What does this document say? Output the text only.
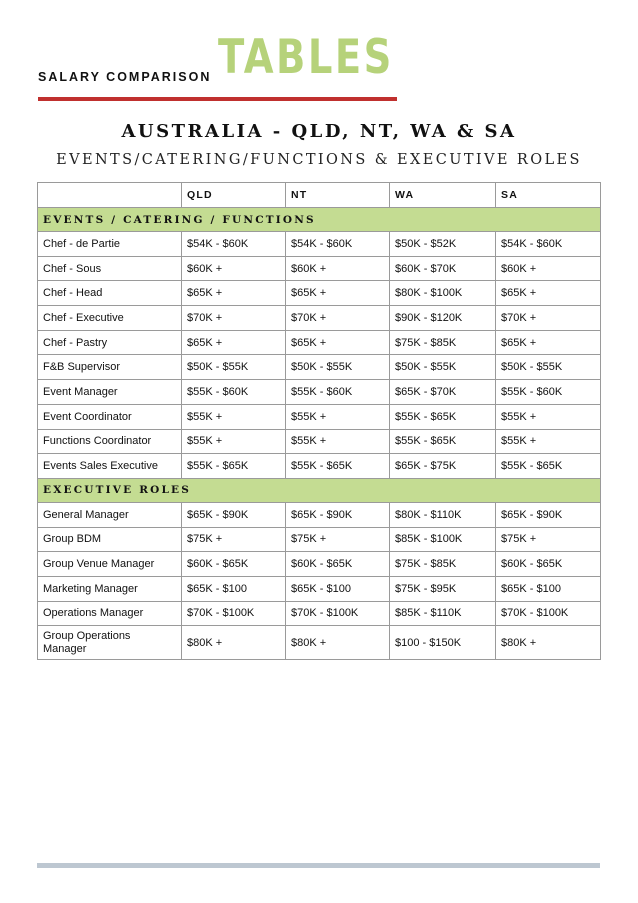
SALARY COMPARISON TABLES
AUSTRALIA - QLD, NT, WA & SA
EVENTS/CATERING/FUNCTIONS & EXECUTIVE ROLES
	QLD	NT	WA	SA
EVENTS / CATERING / FUNCTIONS				
Chef - de Partie	$54K - $60K	$54K - $60K	$50K - $52K	$54K - $60K
Chef - Sous	$60K +	$60K +	$60K - $70K	$60K +
Chef - Head	$65K +	$65K +	$80K - $100K	$65K +
Chef - Executive	$70K +	$70K +	$90K - $120K	$70K +
Chef - Pastry	$65K +	$65K +	$75K - $85K	$65K +
F&B Supervisor	$50K - $55K	$50K - $55K	$50K - $55K	$50K - $55K
Event Manager	$55K - $60K	$55K - $60K	$65K - $70K	$55K - $60K
Event Coordinator	$55K +	$55K +	$55K - $65K	$55K +
Functions Coordinator	$55K +	$55K +	$55K - $65K	$55K +
Events Sales Executive	$55K - $65K	$55K - $65K	$65K - $75K	$55K - $65K
EXECUTIVE ROLES				
General Manager	$65K - $90K	$65K - $90K	$80K - $110K	$65K - $90K
Group BDM	$75K +	$75K +	$85K - $100K	$75K +
Group Venue Manager	$60K - $65K	$60K - $65K	$75K - $85K	$60K - $65K
Marketing Manager	$65K - $100	$65K - $100	$75K - $95K	$65K - $100
Operations Manager	$70K - $100K	$70K - $100K	$85K - $110K	$70K - $100K
Group Operations Manager	$80K +	$80K +	$100 - $150K	$80K +
